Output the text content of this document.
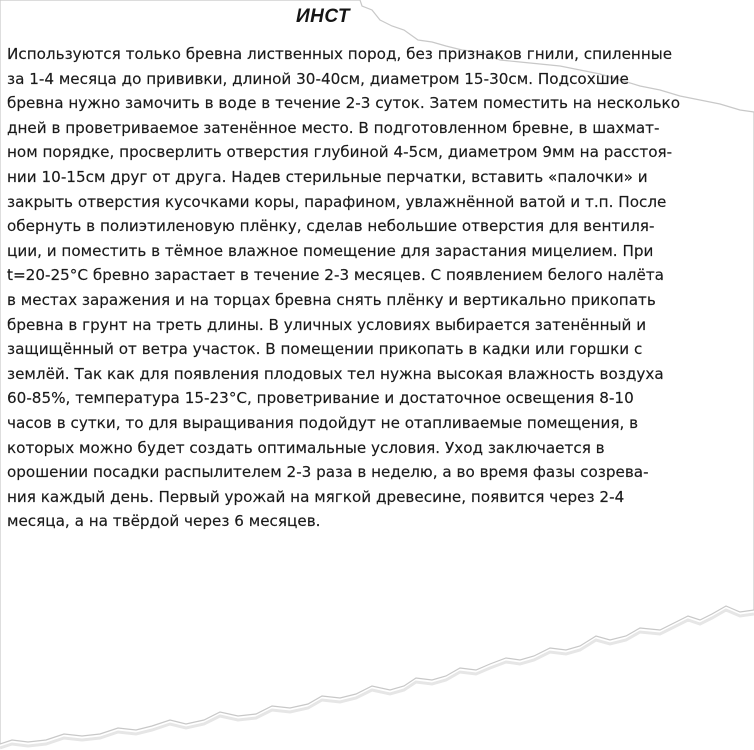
ИНСТ
Используются только бревна лиственных пород, без признаков гнили, спиленные
за 1-4 месяца до прививки, длиной 30-40см, диаметром 15-30см. Подсохшие
бревна нужно замочить в воде в течение 2-3 суток. Затем поместить на несколько
дней в проветриваемое затенённое место. В подготовленном бревне, в шахмат-
ном порядке, просверлить отверстия глубиной 4-5см, диаметром 9мм на расстоя-
нии 10-15см друг от друга. Надев стерильные перчатки, вставить «палочки» и
закрыть отверстия кусочками коры, парафином, увлажнённой ватой и т.п. После
обернуть в полиэтиленовую плёнку, сделав небольшие отверстия для вентиля-
ции, и поместить в тёмное влажное помещение для зарастания мицелием. При
t=20-25°С бревно зарастает в течение 2-3 месяцев. С появлением белого налёта
в местах заражения и на торцах бревна снять плёнку и вертикально прикопать
бревна в грунт на треть длины. В уличных условиях выбирается затенённый и
защищённый от ветра участок. В помещении прикопать в кадки или горшки с
землёй. Так как для появления плодовых тел нужна высокая влажность воздуха
60-85%, температура 15-23°С, проветривание и достаточное освещения 8-10
часов в сутки, то для выращивания подойдут не отапливаемые помещения, в
которых можно будет создать оптимальные условия. Уход заключается в
орошении посадки распылителем 2-3 раза в неделю, а во время фазы созрева-
ния каждый день. Первый урожай на мягкой древесине, появится через 2-4
месяца, а на твёрдой через 6 месяцев.
